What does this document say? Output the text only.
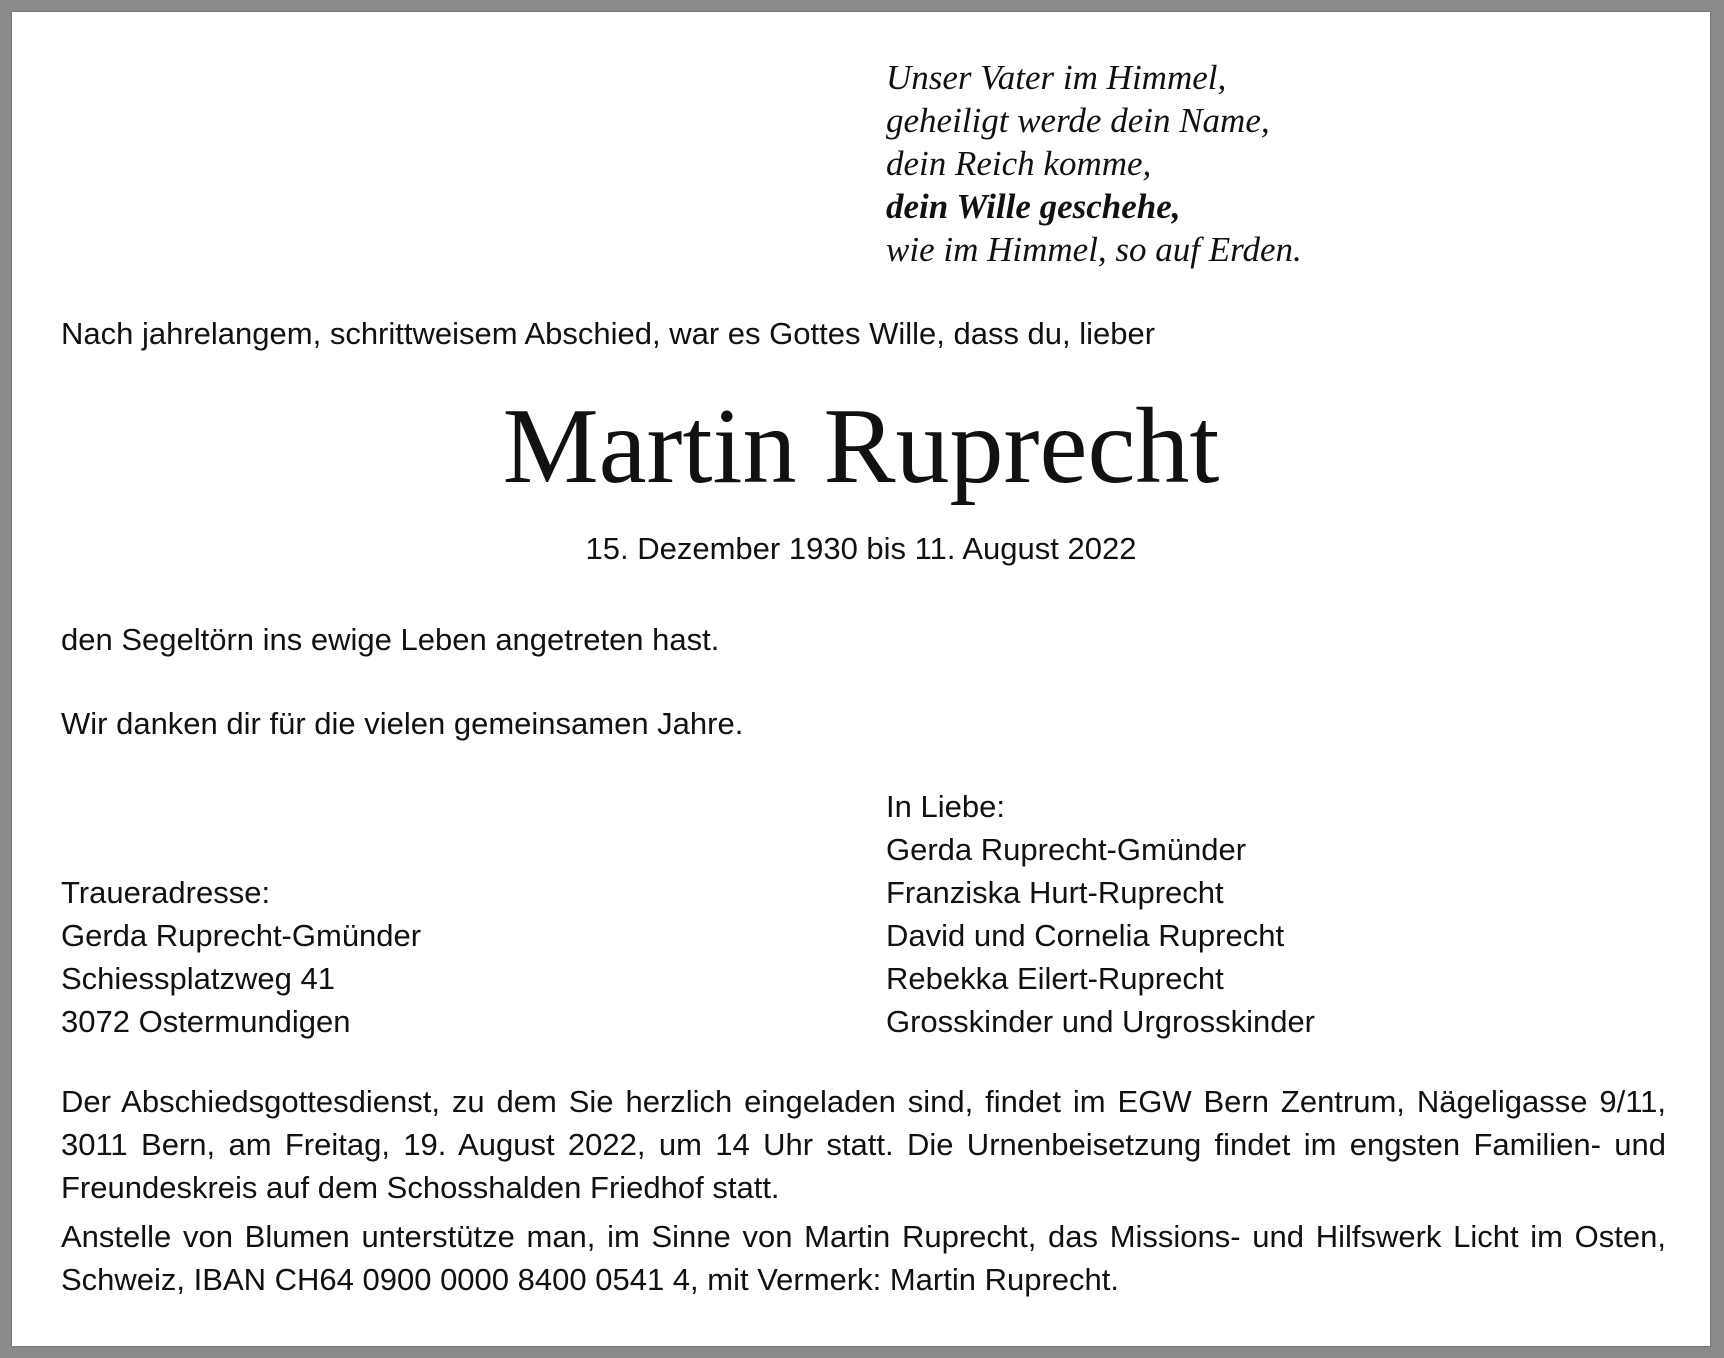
Unser Vater im Himmel,
geheiligt werde dein Name,
dein Reich komme,
dein Wille geschehe,
wie im Himmel, so auf Erden.
Nach jahrelangem, schrittweisem Abschied, war es Gottes Wille, dass du, lieber
Martin Ruprecht
15. Dezember 1930 bis 11. August 2022
den Segeltörn ins ewige Leben angetreten hast.
Wir danken dir für die vielen gemeinsamen Jahre.
In Liebe:
Gerda Ruprecht-Gmünder
Franziska Hurt-Ruprecht
David und Cornelia Ruprecht
Rebekka Eilert-Ruprecht
Grosskinder und Urgrosskinder
Traueradresse:
Gerda Ruprecht-Gmünder
Schiessplatzweg 41
3072 Ostermundigen
Der Abschiedsgottesdienst, zu dem Sie herzlich eingeladen sind, findet im EGW Bern Zentrum, Nägeligasse 9/11, 3011 Bern, am Freitag, 19. August 2022, um 14 Uhr statt. Die Urnenbeisetzung findet im engsten Familien- und Freundeskreis auf dem Schosshalden Friedhof statt.
Anstelle von Blumen unterstütze man, im Sinne von Martin Ruprecht, das Missions- und Hilfswerk Licht im Osten, Schweiz, IBAN CH64 0900 0000 8400 0541 4, mit Vermerk: Martin Ruprecht.
